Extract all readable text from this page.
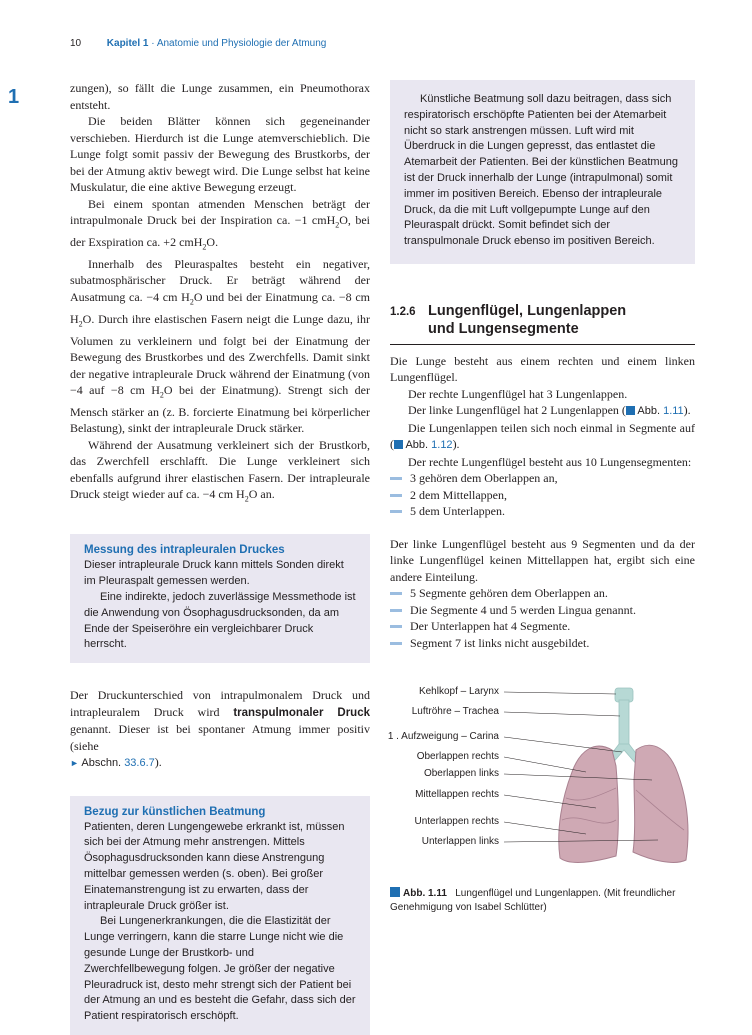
10	Kapitel 1 · Anatomie und Physiologie der Atmung
1	zungen), so fällt die Lunge zusammen, ein Pneumothorax entsteht.

Die beiden Blätter können sich gegeneinander verschieben. Hierdurch ist die Lunge atemverschieblich. Die Lunge folgt somit passiv der Bewegung des Brustkorbs, der bei der Atmung aktiv bewegt wird. Die Lunge selbst hat keine Muskulatur, die eine aktive Bewegung erzeugt.

Bei einem spontan atmenden Menschen beträgt der intrapulmonale Druck bei der Inspiration ca. −1 cmH$_2$O, bei der Exspiration ca. +2 cmH$_2$O.

Innerhalb des Pleuraspaltes besteht ein negativer, subatmosphärischer Druck. Er beträgt während der Ausatmung ca. −4 cm $H_2O$ und bei der Einatmung ca. −8 cm $H_2O$. Durch ihre elastischen Fasern neigt die Lunge dazu, ihr Volumen zu verkleinern und folgt bei der Einatmung der Bewegung des Brustkorbes und des Zwerchfells. Damit sinkt der negative intrapleurale Druck während der Einatmung (von −4 auf −8 cm $H_2O$ bei der Einatmung). Strengt sich der Mensch stärker an (z. B. forcierte Einatmung bei körperlicher Belastung), sinkt der intrapleurale Druck stärker.

Während der Ausatmung verkleinert sich der Brustkorb, das Zwerchfell erschlafft. Die Lunge verkleinert sich ebenfalls aufgrund ihrer elastischen Fasern. Der intrapleurale Druck steigt wieder auf ca. −4 cm $H_2O$ an.

Messung des intrapleuralen Druckes

Dieser intrapleurale Druck kann mittels Sonden direkt im Pleuraspalt gemessen werden.

Eine indirekte, jedoch zuverlässige Messmethode ist die Anwendung von Ösophagusdrucksonden, da am Ende der Speiseröhre ein vergleichbarer Druck herrscht.

Der Druckunterschied von intrapulmonalem Druck und intrapleuralem Druck wird transpulmonaler Druck genannt. Dieser ist bei spontaner Atmung immer positiv (siehe
► Abschn. 33.6.7).

Bezug zur künstlichen Beatmung

Patienten, deren Lungengewebe erkrankt ist, müssen sich bei der Atmung mehr anstrengen. Mittels Ösophagusdrucksonden kann diese Anstrengung mittelbar gemessen werden (s. oben). Bei großer Einatemanstrengung ist zu erwarten, dass der intrapleurale Druck größer ist.

Bei Lungenerkrankungen, die die Elastizität der Lunge verringern, kann die starre Lunge nicht wie die gesunde Lunge der Brustkorb- und Zwerchfellbewegung folgen. Je größer der negative Pleuradruck ist, desto mehr strengt sich der Patient bei der Atmung an und es besteht die Gefahr, dass sich der Patient respiratorisch erschöpft.

Künstliche Beatmung soll dazu beitragen, dass sich respiratorisch erschöpfte Patienten bei der Atemarbeit nicht so stark anstrengen müssen. Luft wird mit Überdruck in die Lungen gepresst, das entlastet die Atemarbeit der Patienten. Bei der künstlichen Beatmung ist der Druck innerhalb der Lunge (intrapulmonal) somit immer im positiven Bereich. Ebenso der intrapleurale Druck, da die mit Luft vollgepumpte Lunge auf den Pleuraspalt drückt. Somit befindet sich der transpulmonale Druck ebenso im positiven Bereich.

1.2.6 Lungenflügel, Lungenlappen
und Lungensegmente

Die Lunge besteht aus einem rechten und einem linken Lungenflügel.

Der rechte Lungenflügel hat 3 Lungenlappen.

Der linke Lungenflügel hat 2 Lungenlappen ( Abb. 1.11).

Die Lungenlappen teilen sich noch einmal in Segmente auf ( Abb. 1.12).

Der rechte Lungenflügel besteht aus 10 Lungensegmenten:

3 gehören dem Oberlappen an,
2 dem Mittellappen,
5 dem Unterlappen.

Der linke Lungenflügel besteht aus 9 Segmenten und da der linke Lungenflügel keinen Mittellappen hat, ergibt sich eine andere Einteilung.

5 Segmente gehören dem Oberlappen an.
Die Segmente 4 und 5 werden Lingua genannt.
Der Unterlappen hat 4 Segmente.
Segment 7 ist links nicht ausgebildet.
Kehlkopf – Larynx
Luftröhre – Trachea
1 . Aufzweigung – Carina
Oberlappen rechts
Oberlappen links
Mittellappen rechts
Unterlappen rechts
Unterlappen links
Abb. 1.11 Lungenflügel und Lungenlappen. (Mit freundlicher Genehmigung von Isabel Schlütter)
